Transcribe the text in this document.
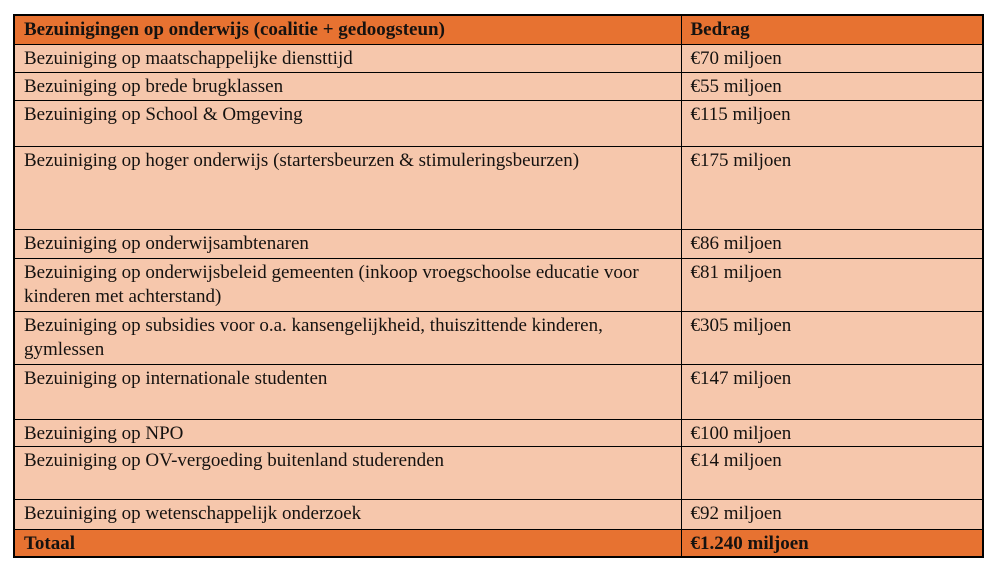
Bezuinigingen op onderwijs (coalitie + gedoogsteun)	Bedrag
Bezuiniging op maatschappelijke diensttijd	€70 miljoen
Bezuiniging op brede brugklassen	€55 miljoen
Bezuiniging op School & Omgeving	€115 miljoen
Bezuiniging op hoger onderwijs (startersbeurzen & stimuleringsbeurzen)	€175 miljoen
Bezuiniging op onderwijsambtenaren	€86 miljoen
Bezuiniging op onderwijsbeleid gemeenten (inkoop vroegschoolse educatie voor kinderen met achterstand)	€81 miljoen
Bezuiniging op subsidies voor o.a. kansengelijkheid, thuiszittende kinderen, gymlessen	€305 miljoen
Bezuiniging op internationale studenten	€147 miljoen
Bezuiniging op NPO	€100 miljoen
Bezuiniging op OV-vergoeding buitenland studerenden	€14 miljoen
Bezuiniging op wetenschappelijk onderzoek	€92 miljoen
Totaal	€1.240 miljoen
